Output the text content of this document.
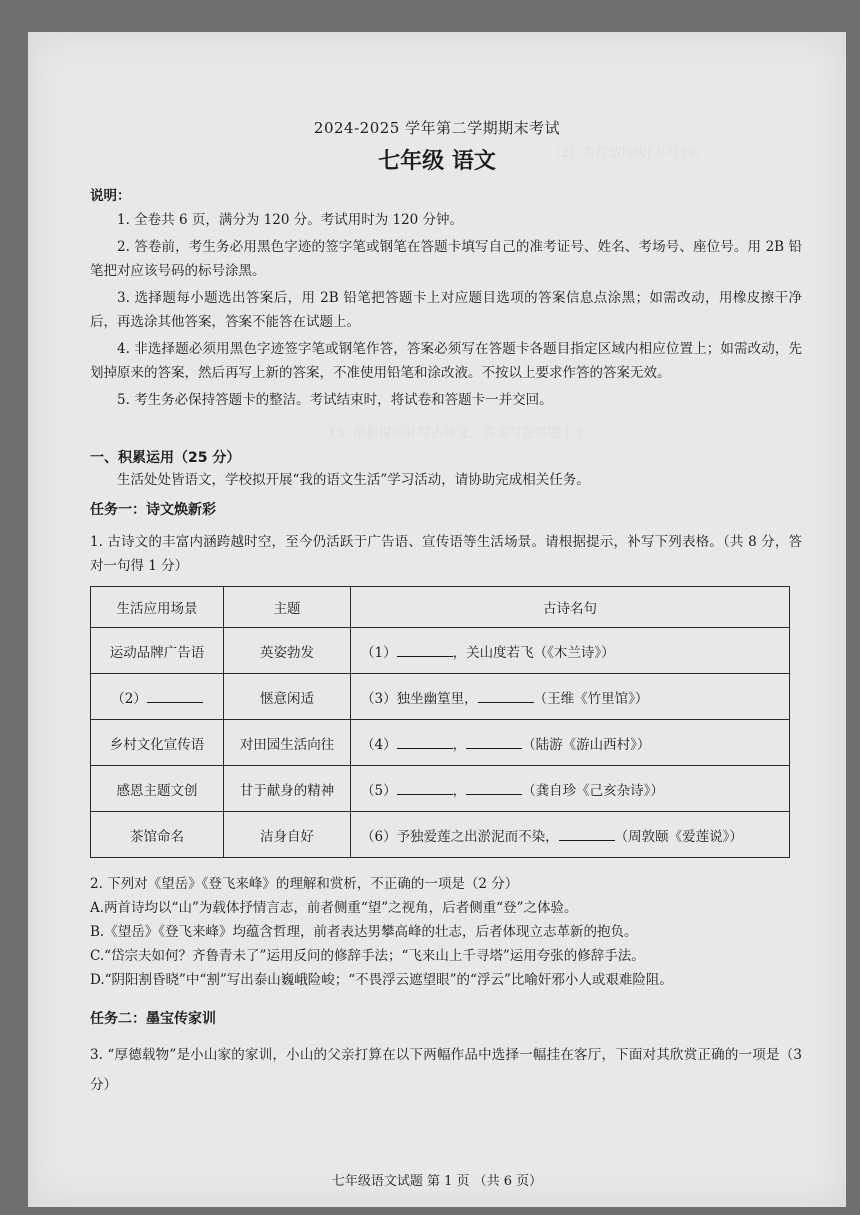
（2）为打造班级门户口示
15. 根据提示补写古诗文，答案写在答题卡上
2024-2025 学年第二学期期末考试
七年级 语文
说明：

1. 全卷共 6 页，满分为 120 分。考试用时为 120 分钟。

2. 答卷前，考生务必用黑色字迹的签字笔或钢笔在答题卡填写自己的准考证号、姓名、考场号、座位号。用 2B 铅笔把对应该号码的标号涂黑。

3. 选择题每小题选出答案后，用 2B 铅笔把答题卡上对应题目选项的答案信息点涂黑；如需改动，用橡皮擦干净后，再选涂其他答案，答案不能答在试题上。

4. 非选择题必须用黑色字迹签字笔或钢笔作答，答案必须写在答题卡各题目指定区域内相应位置上；如需改动，先划掉原来的答案，然后再写上新的答案，不准使用铅笔和涂改液。不按以上要求作答的答案无效。

5. 考生务必保持答题卡的整洁。考试结束时，将试卷和答题卡一并交回。

一、积累运用（25 分）
生活处处皆语文，学校拟开展“我的语文生活”学习活动，请协助完成相关任务。
任务一：诗文焕新彩
1. 古诗文的丰富内涵跨越时空，至今仍活跃于广告语、宣传语等生活场景。请根据提示，补写下列表格。（共 8 分，答对一句得 1 分）
生活应用场景	主题	古诗名句
运动品牌广告语	英姿勃发	（1） ，关山度若飞（《木兰诗》）
（2）	惬意闲适	（3）独坐幽篁里， （王维《竹里馆》）
乡村文化宣传语	对田园生活向往	（4） ， （陆游《游山西村》）
感恩主题文创	甘于献身的精神	（5） ， （龚自珍《己亥杂诗》）
茶馆命名	洁身自好	（6）予独爱莲之出淤泥而不染， （周敦颐《爱莲说》）
2. 下列对《望岳》《登飞来峰》的理解和赏析，不正确的一项是（2 分）
A.两首诗均以“山”为载体抒情言志，前者侧重“望”之视角，后者侧重“登”之体验。
B.《望岳》《登飞来峰》均蕴含哲理，前者表达男攀高峰的壮志，后者体现立志革新的抱负。
C.“岱宗夫如何？齐鲁青未了”运用反问的修辞手法；“飞来山上千寻塔”运用夸张的修辞手法。
D.“阴阳割昏晓”中“割”写出泰山巍峨险峻；“不畏浮云遮望眼”的“浮云”比喻奸邪小人或艰难险阻。
任务二：墨宝传家训
3. “厚德载物”是小山家的家训，小山的父亲打算在以下两幅作品中选择一幅挂在客厅，下面对其欣赏正确的一项是（3 分）
七年级语文试题 第 1 页 （共 6 页）
